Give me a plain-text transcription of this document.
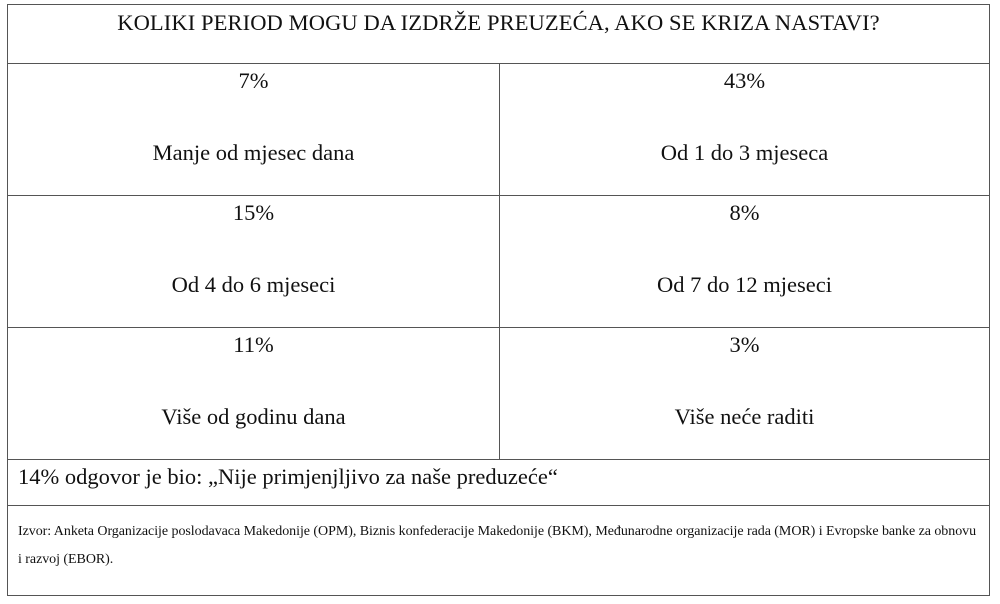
KOLIKI PERIOD MOGU DA IZDRŽE PREUZEĆA, AKO SE KRIZA NASTAVI?
7%
Manje od mjesec dana
43%
Od 1 do 3 mjeseca
15%
Od 4 do 6 mjeseci
8%
Od 7 do 12 mjeseci
11%
Više od godinu dana
3%
Više neće raditi
14% odgovor je bio: „Nije primjenjljivo za naše preduzeće“
Izvor: Anketa Organizacije poslodavaca Makedonije (OPM), Biznis konfederacije Makedonije (BKM), Međunarodne organizacije rada (MOR) i Evropske banke za obnovu i razvoj (EBOR).
